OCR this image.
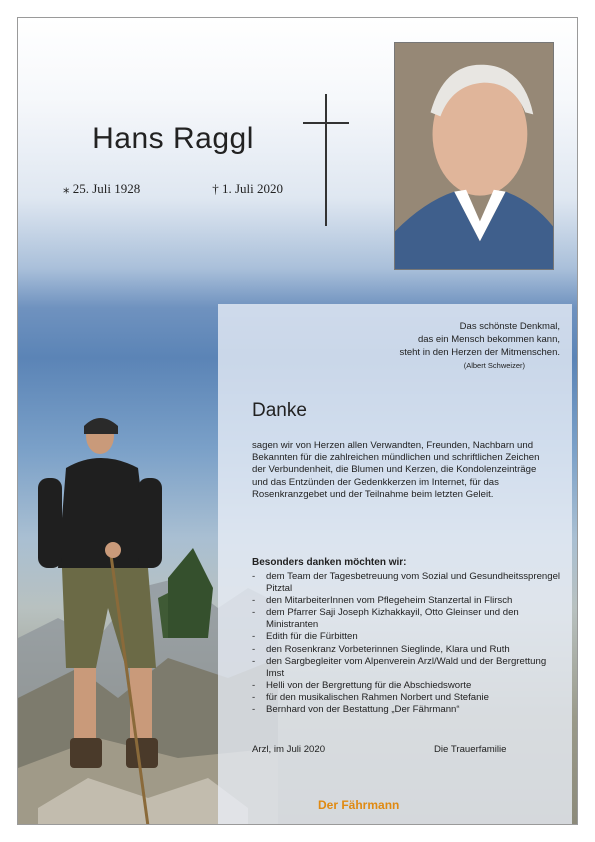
Hans Raggl
⁎ 25. Juli 1928	† 1. Juli 2020
Das schönste Denkmal,
das ein Mensch bekommen kann,
steht in den Herzen der Mitmenschen.
(Albert Schweizer)
Danke
sagen wir von Herzen allen Verwandten, Freunden, Nachbarn und Bekannten für die zahlreichen mündlichen und schriftlichen Zeichen der Verbundenheit, die Blumen und Kerzen, die Kondolenzeinträge und das Entzünden der Gedenkkerzen im Internet, für das Rosenkranzgebet und der Teilnahme beim letzten Geleit.
Besonders danken möchten wir:
- dem Team der Tagesbetreuung vom Sozial und Gesundheitssprengel Pitztal
- den MitarbeiterInnen vom Pflegeheim Stanzertal in Flirsch
- dem Pfarrer Saji Joseph Kizhakkayil, Otto Gleinser und den Ministranten
- Edith für die Fürbitten
- den Rosenkranz Vorbeterinnen Sieglinde, Klara und Ruth
- den Sargbegleiter vom Alpenverein Arzl/Wald und der Bergrettung Imst
- Helli von der Bergrettung für die Abschiedsworte
- für den musikalischen Rahmen Norbert und Stefanie
- Bernhard von der Bestattung „Der Fährmann“
Arzl, im Juli 2020	Die Trauerfamilie
Der Fährmann
